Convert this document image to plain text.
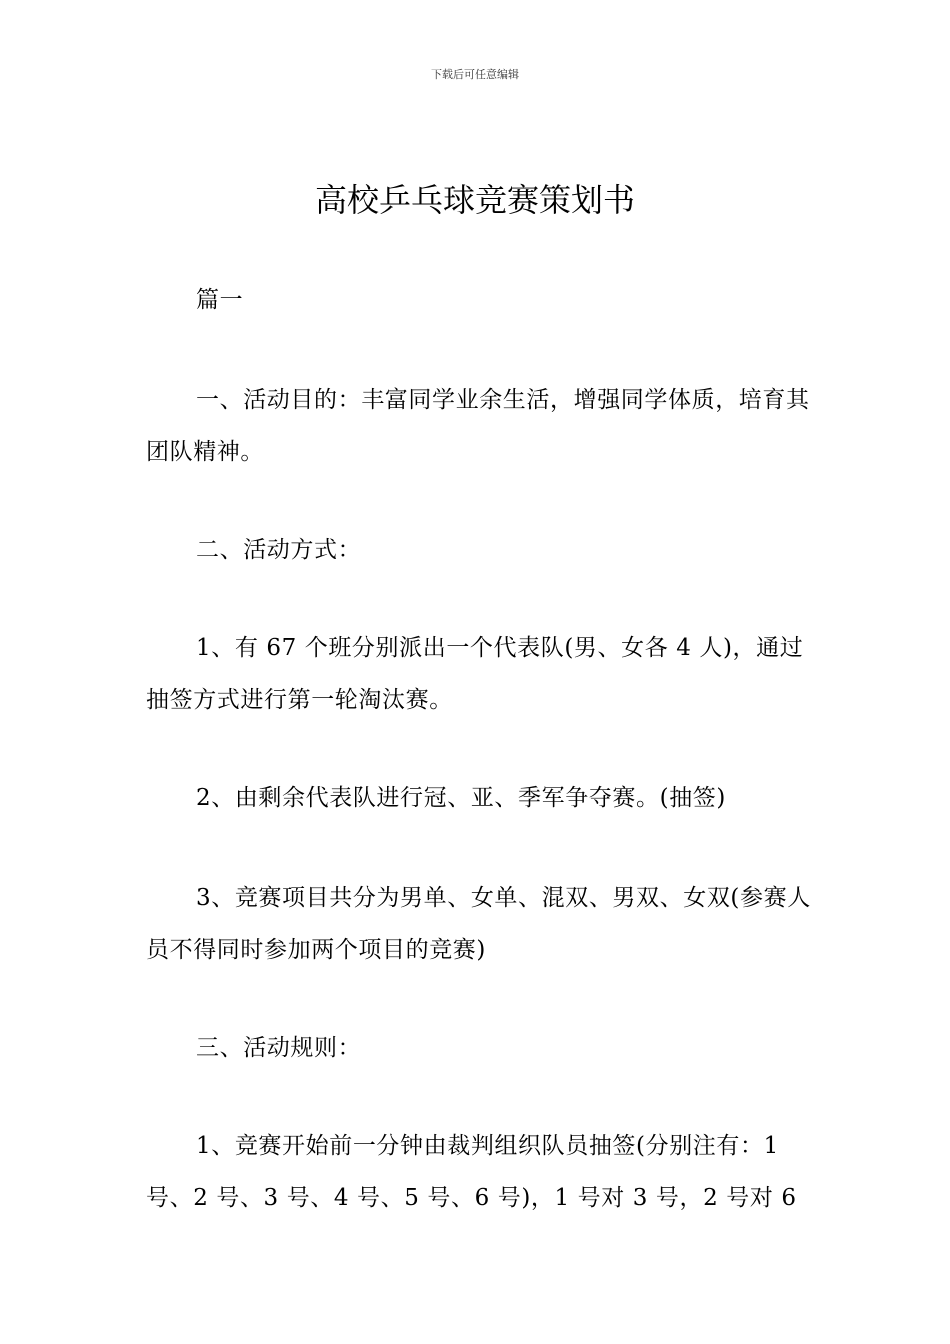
下载后可任意编辑
高校乒乓球竞赛策划书

篇一

一、活动目的：丰富同学业余生活，增强同学体质，培育其团队精神。

二、活动方式：

1、有 67 个班分别派出一个代表队(男、女各 4 人)，通过抽签方式进行第一轮淘汰赛。

2、由剩余代表队进行冠、亚、季军争夺赛。(抽签)

3、竞赛项目共分为男单、女单、混双、男双、女双(参赛人员不得同时参加两个项目的竞赛)

三、活动规则：

1、竞赛开始前一分钟由裁判组织队员抽签(分别注有：1 号、2 号、3 号、4 号、5 号、6 号)，1 号对 3 号，2 号对 6
